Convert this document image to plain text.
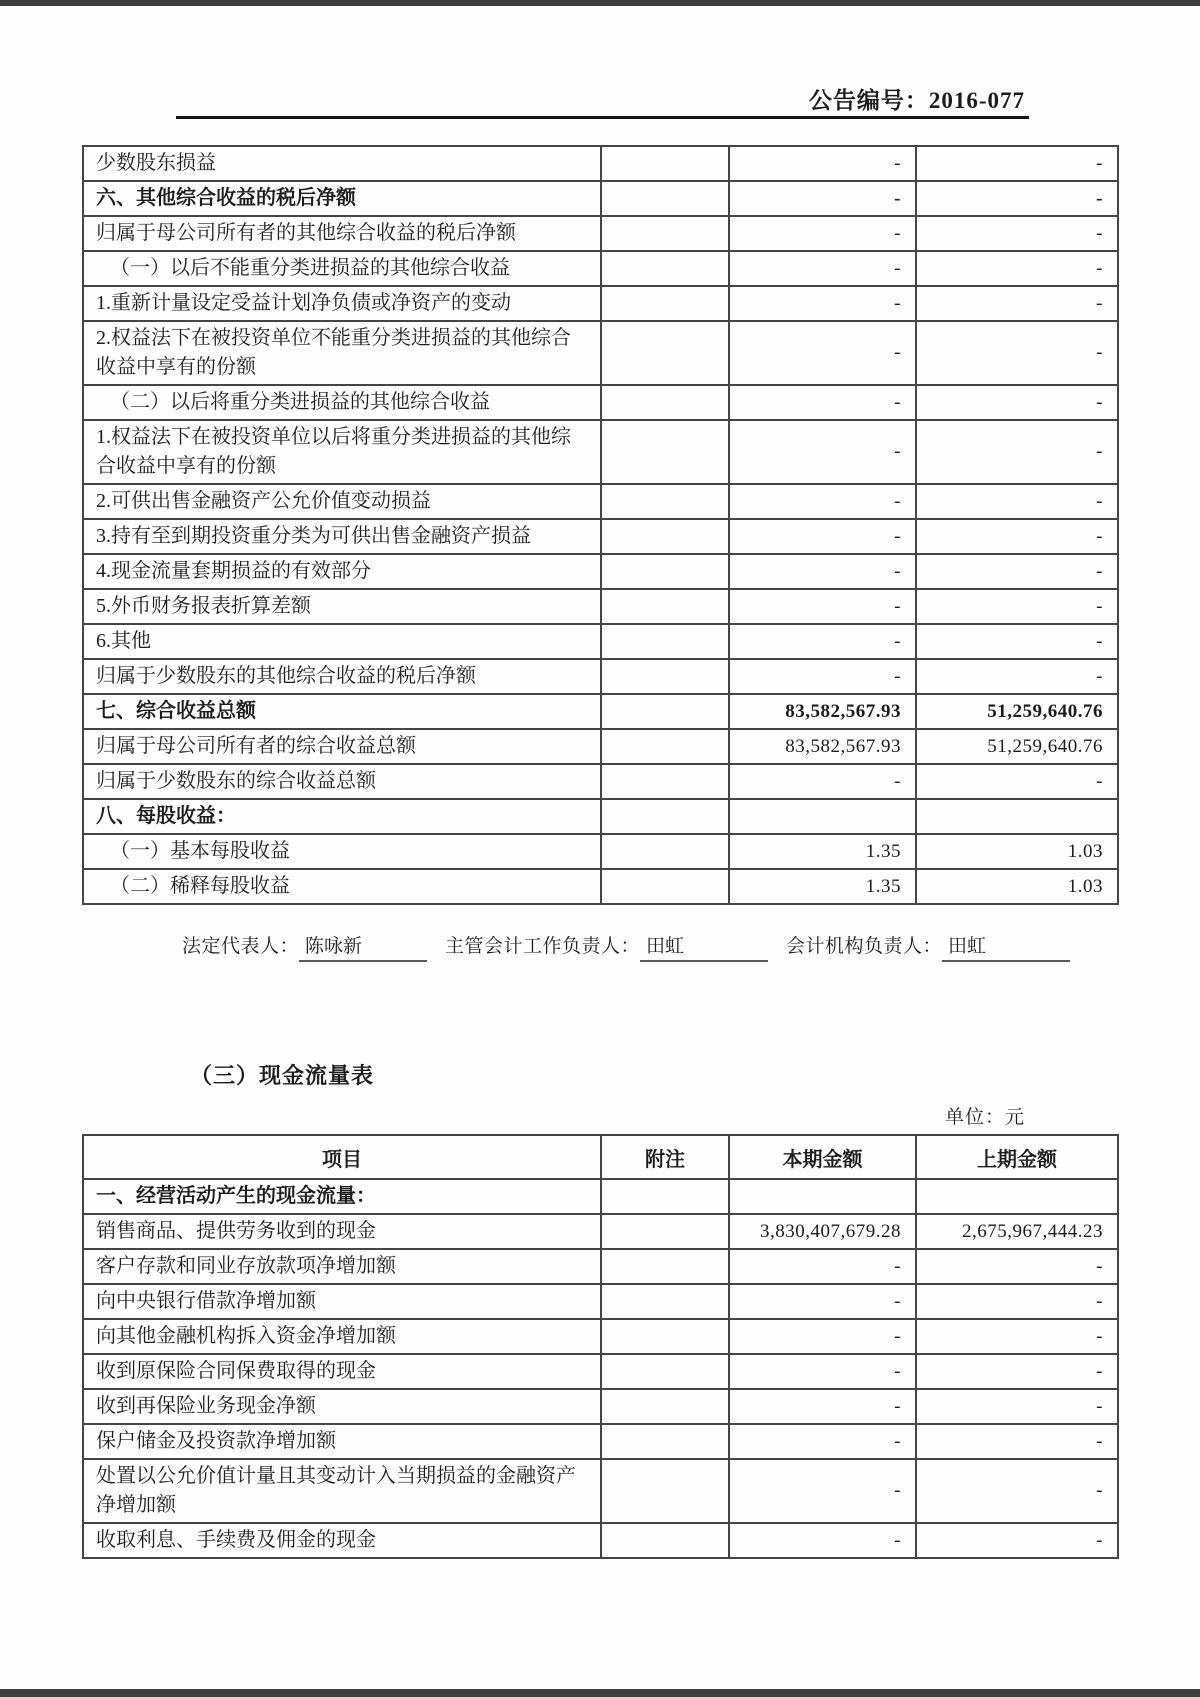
公告编号：2016-077
少数股东损益		-	-
六、其他综合收益的税后净额		-	-
归属于母公司所有者的其他综合收益的税后净额		-	-
（一）以后不能重分类进损益的其他综合收益		-	-
1.重新计量设定受益计划净负债或净资产的变动		-	-
2.权益法下在被投资单位不能重分类进损益的其他综合收益中享有的份额		-	-
（二）以后将重分类进损益的其他综合收益		-	-
1.权益法下在被投资单位以后将重分类进损益的其他综合收益中享有的份额		-	-
2.可供出售金融资产公允价值变动损益		-	-
3.持有至到期投资重分类为可供出售金融资产损益		-	-
4.现金流量套期损益的有效部分		-	-
5.外币财务报表折算差额		-	-
6.其他		-	-
归属于少数股东的其他综合收益的税后净额		-	-
七、综合收益总额		83,582,567.93	51,259,640.76
归属于母公司所有者的综合收益总额		83,582,567.93	51,259,640.76
归属于少数股东的综合收益总额		-	-
八、每股收益：			
（一）基本每股收益		1.35	1.03
（二）稀释每股收益		1.35	1.03
法定代表人： 陈咏新	主管会计工作负责人： 田虹	会计机构负责人： 田虹
（三）现金流量表
单位：元
项目	附注	本期金额	上期金额
一、经营活动产生的现金流量：			
销售商品、提供劳务收到的现金		3,830,407,679.28	2,675,967,444.23
客户存款和同业存放款项净增加额		-	-
向中央银行借款净增加额		-	-
向其他金融机构拆入资金净增加额		-	-
收到原保险合同保费取得的现金		-	-
收到再保险业务现金净额		-	-
保户储金及投资款净增加额		-	-
处置以公允价值计量且其变动计入当期损益的金融资产净增加额		-	-
收取利息、手续费及佣金的现金		-	-
